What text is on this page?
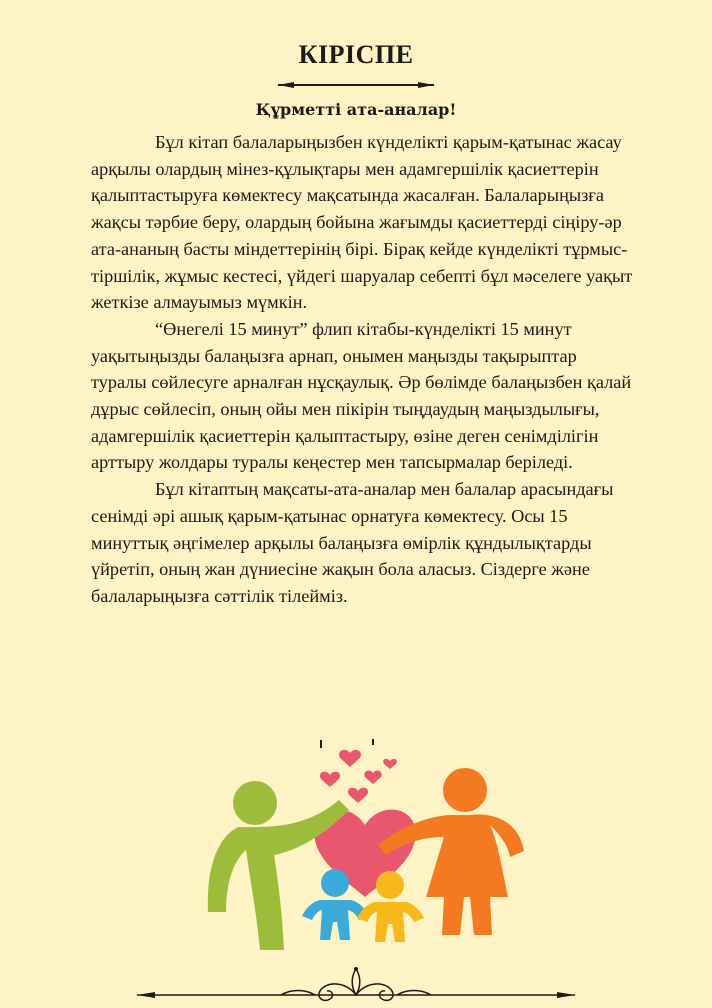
КІРІСПЕ
Құрметті ата-аналар!

Бұл кітап балаларыңызбен күнделікті қарым-қатынас жасау арқылы олардың мінез-құлықтары мен адамгершілік қасиеттерін қалыптастыруға көмектесу мақсатында жасалған. Балаларыңызға жақсы тәрбие беру, олардың бойына жағымды қасиеттерді сіңіру-әр ата-ананың басты міндеттерінің бірі. Бірақ кейде күнделікті тұрмыс-тіршілік, жұмыс кестесі, үйдегі шаруалар себепті бұл мәселеге уақыт жеткізе алмауымыз мүмкін.

“Өнегелі 15 минут” флип кітабы-күнделікті 15 минут уақытыңызды балаңызға арнап, онымен маңызды тақырыптар туралы сөйлесуге арналған нұсқаулық. Әр бөлімде балаңызбен қалай дұрыс сөйлесіп, оның ойы мен пікірін тыңдаудың маңыздылығы, адамгершілік қасиеттерін қалыптастыру, өзіне деген сенімділігін арттыру жолдары туралы кеңестер мен тапсырмалар беріледі.

Бұл кітаптың мақсаты-ата-аналар мен балалар арасындағы сенімді әрі ашық қарым-қатынас орнатуға көмектесу. Осы 15 минуттық әңгімелер арқылы балаңызға өмірлік құндылықтарды үйретіп, оның жан дүниесіне жақын бола аласыз. Сіздерге және балаларыңызға сәттілік тілейміз.
